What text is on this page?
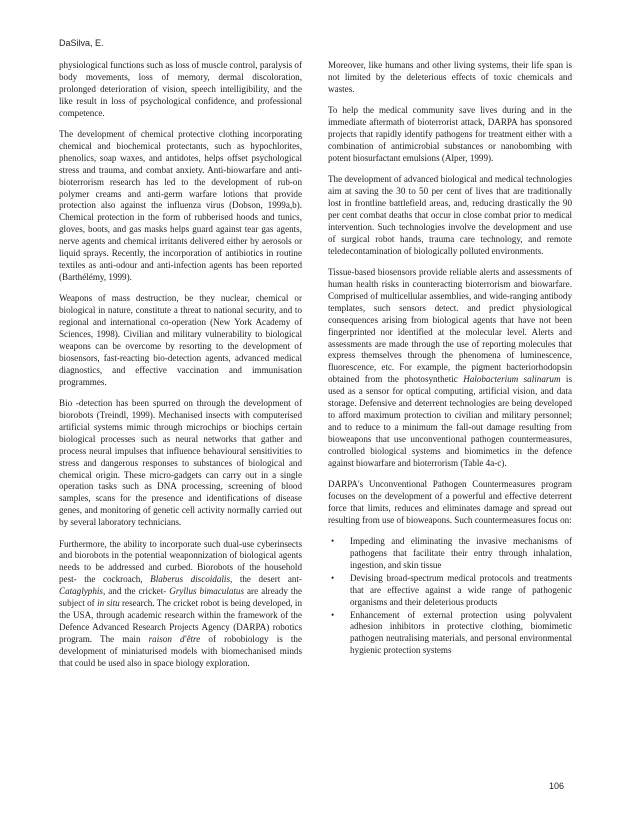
DaSilva, E.

physiological functions such as loss of muscle control, paralysis of body movements, loss of memory, dermal discoloration, prolonged deterioration of vision, speech intelligibility, and the like result in loss of psychological confidence, and professional competence.

The development of chemical protective clothing incorporating chemical and biochemical protectants, such as hypochlorites, phenolics, soap waxes, and antidotes, helps offset psychological stress and trauma, and combat anxiety. Anti-biowarfare and anti-bioterrorism research has led to the development of rub-on polymer creams and anti-germ warfare lotions that provide protection also against the influenza virus (Dobson, 1999a,b). Chemical protection in the form of rubberised hoods and tunics, gloves, boots, and gas masks helps guard against tear gas agents, nerve agents and chemical irritants delivered either by aerosols or liquid sprays. Recently, the incorporation of antibiotics in routine textiles as anti-odour and anti-infection agents has been reported (Barthélémy, 1999).

Weapons of mass destruction, be they nuclear, chemical or biological in nature, constitute a threat to national security, and to regional and international co-operation (New York Academy of Sciences, 1998). Civilian and military vulnerability to biological weapons can be overcome by resorting to the development of biosensors, fast-reacting bio-detection agents, advanced medical diagnostics, and effective vaccination and immunisation programmes.

Bio -detection has been spurred on through the development of biorobots (Treindl, 1999). Mechanised insects with computerised artificial systems mimic through microchips or biochips certain biological processes such as neural networks that gather and process neural impulses that influence behavioural sensitivities to stress and dangerous responses to substances of biological and chemical origin. These micro-gadgets can carry out in a single operation tasks such as DNA processing, screening of blood samples, scans for the presence and identifications of disease genes, and monitoring of genetic cell activity normally carried out by several laboratory technicians.

Furthermore, the ability to incorporate such dual-use cyberinsects and biorobots in the potential weaponnization of biological agents needs to be addressed and curbed. Biorobots of the household pest- the cockroach, Blaberus discoidalis, the desert ant- Cataglyphis, and the cricket- Gryllus bimaculatus are already the subject of in situ research. The cricket robot is being developed, in the USA, through academic research within the framework of the Defence Advanced Research Projects Agency (DARPA) robotics program. The main raison d'être of robobiology is the development of miniaturised models with biomechanised minds that could be used also in space biology exploration.

Moreover, like humans and other living systems, their life span is not limited by the deleterious effects of toxic chemicals and wastes.

To help the medical community save lives during and in the immediate aftermath of bioterrorist attack, DARPA has sponsored projects that rapidly identify pathogens for treatment either with a combination of antimicrobial substances or nanobombing with potent biosurfactant emulsions (Alper, 1999).

The development of advanced biological and medical technologies aim at saving the 30 to 50 per cent of lives that are traditionally lost in frontline battlefield areas, and, reducing drastically the 90 per cent combat deaths that occur in close combat prior to medical intervention. Such technologies involve the development and use of surgical robot hands, trauma care technology, and remote teledecontamination of biologically polluted environments.

Tissue-based biosensors provide reliable alerts and assessments of human health risks in counteracting bioterrorism and biowarfare. Comprised of multicellular assemblies, and wide-ranging antibody templates, such sensors detect. and predict physiological consequences arising from biological agents that have not been fingerprinted nor identified at the molecular level. Alerts and assessments are made through the use of reporting molecules that express themselves through the phenomena of luminescence, fluorescence, etc. For example, the pigment bacteriorhodopsin obtained from the photosynthetic Halobacterium salinarum is used as a sensor for optical computing, artificial vision, and data storage. Defensive and deterrent technologies are being developed to afford maximum protection to civilian and military personnel; and to reduce to a minimum the fall-out damage resulting from bioweapons that use unconventional pathogen countermeasures, controlled biological systems and biomimetics in the defence against biowarfare and bioterrorism (Table 4a-c).

DARPA's Unconventional Pathogen Countermeasures program focuses on the development of a powerful and effective deterrent force that limits, reduces and eliminates damage and spread out resulting from use of bioweapons. Such countermeasures focus on:

• Impeding and eliminating the invasive mechanisms of pathogens that facilitate their entry through inhalation, ingestion, and skin tissue
• Devising broad-spectrum medical protocols and treatments that are effective against a wide range of pathogenic organisms and their deleterious products
• Enhancement of external protection using polyvalent adhesion inhibitors in protective clothing, biomimetic pathogen neutralising materials, and personal environmental hygienic protection systems
106
